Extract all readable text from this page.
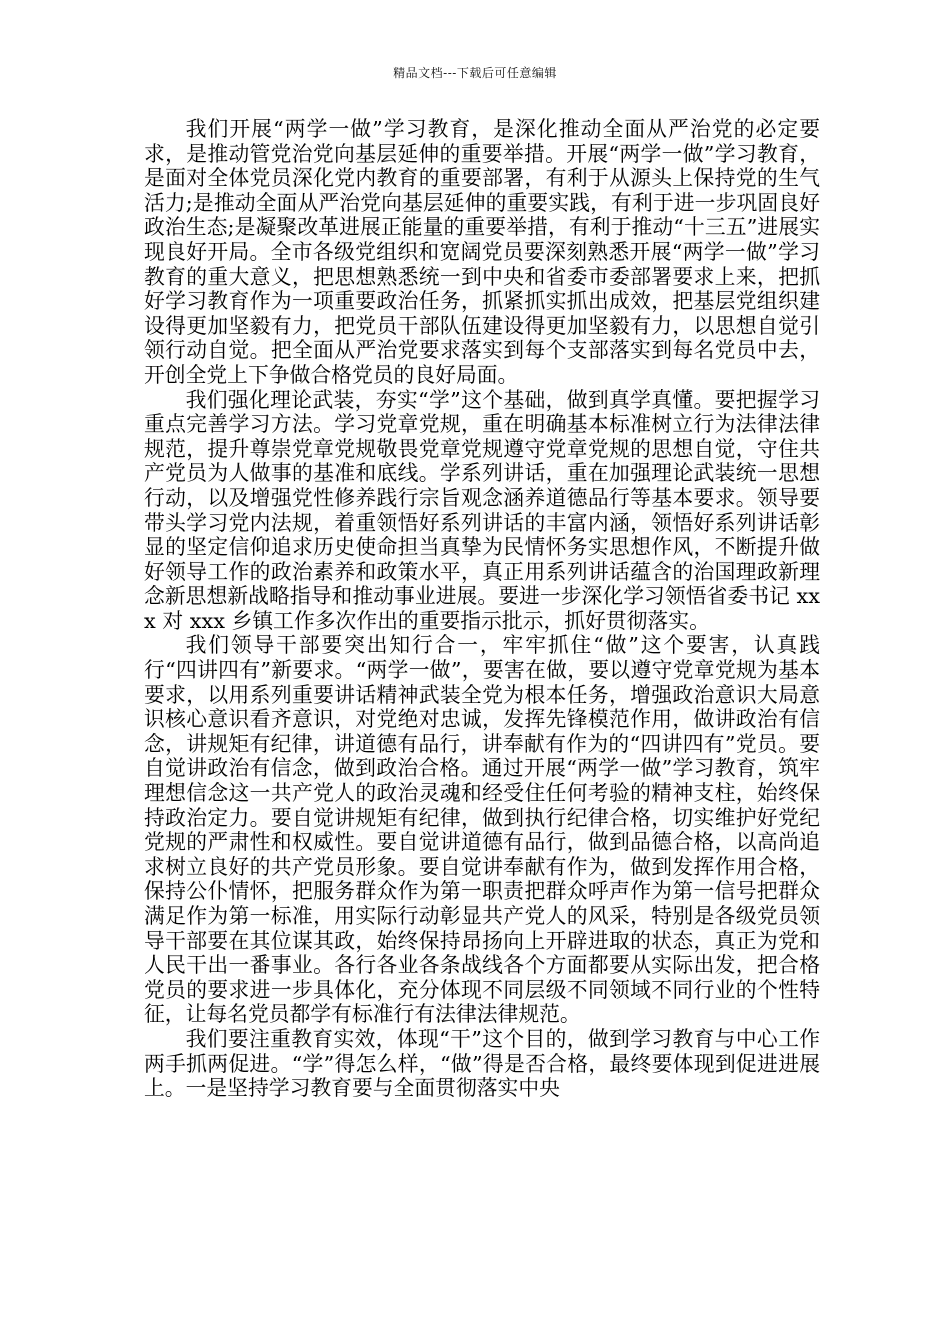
精品文档---下载后可任意编辑

我们开展“两学一做”学习教育，是深化推动全面从严治党的必定要求，是推动管党治党向基层延伸的重要举措。开展“两学一做”学习教育，是面对全体党员深化党内教育的重要部署，有利于从源头上保持党的生气活力;是推动全面从严治党向基层延伸的重要实践，有利于进一步巩固良好政治生态;是凝聚改革进展正能量的重要举措，有利于推动“十三五”进展实现良好开局。全市各级党组织和宽阔党员要深刻熟悉开展“两学一做”学习教育的重大意义，把思想熟悉统一到中央和省委市委部署要求上来，把抓好学习教育作为一项重要政治任务，抓紧抓实抓出成效，把基层党组织建设得更加坚毅有力，把党员干部队伍建设得更加坚毅有力，以思想自觉引领行动自觉。把全面从严治党要求落实到每个支部落实到每名党员中去，开创全党上下争做合格党员的良好局面。

我们强化理论武装，夯实“学”这个基础，做到真学真懂。要把握学习重点完善学习方法。学习党章党规，重在明确基本标准树立行为法律法律规范，提升尊崇党章党规敬畏党章党规遵守党章党规的思想自觉，守住共产党员为人做事的基准和底线。学系列讲话，重在加强理论武装统一思想行动，以及增强党性修养践行宗旨观念涵养道德品行等基本要求。领导要带头学习党内法规，着重领悟好系列讲话的丰富内涵，领悟好系列讲话彰显的坚定信仰追求历史使命担当真挚为民情怀务实思想作风，不断提升做好领导工作的政治素养和政策水平，真正用系列讲话蕴含的治国理政新理念新思想新战略指导和推动事业进展。要进一步深化学习领悟省委书记 xxx 对 xxx 乡镇工作多次作出的重要指示批示，抓好贯彻落实。

我们领导干部要突出知行合一，牢牢抓住“做”这个要害，认真践行“四讲四有”新要求。“两学一做”，要害在做，要以遵守党章党规为基本要求，以用系列重要讲话精神武装全党为根本任务，增强政治意识大局意识核心意识看齐意识，对党绝对忠诚，发挥先锋模范作用，做讲政治有信念，讲规矩有纪律，讲道德有品行，讲奉献有作为的“四讲四有”党员。要自觉讲政治有信念，做到政治合格。通过开展“两学一做”学习教育，筑牢理想信念这一共产党人的政治灵魂和经受住任何考验的精神支柱，始终保持政治定力。要自觉讲规矩有纪律，做到执行纪律合格，切实维护好党纪党规的严肃性和权威性。要自觉讲道德有品行，做到品德合格，以高尚追求树立良好的共产党员形象。要自觉讲奉献有作为，做到发挥作用合格，保持公仆情怀，把服务群众作为第一职责把群众呼声作为第一信号把群众满足作为第一标准，用实际行动彰显共产党人的风采，特别是各级党员领导干部要在其位谋其政，始终保持昂扬向上开辟进取的状态，真正为党和人民干出一番事业。各行各业各条战线各个方面都要从实际出发，把合格党员的要求进一步具体化，充分体现不同层级不同领域不同行业的个性特征，让每名党员都学有标准行有法律法律规范。

我们要注重教育实效，体现“干”这个目的，做到学习教育与中心工作两手抓两促进。“学”得怎么样，“做”得是否合格，最终要体现到促进进展上。一是坚持学习教育要与全面贯彻落实中央
